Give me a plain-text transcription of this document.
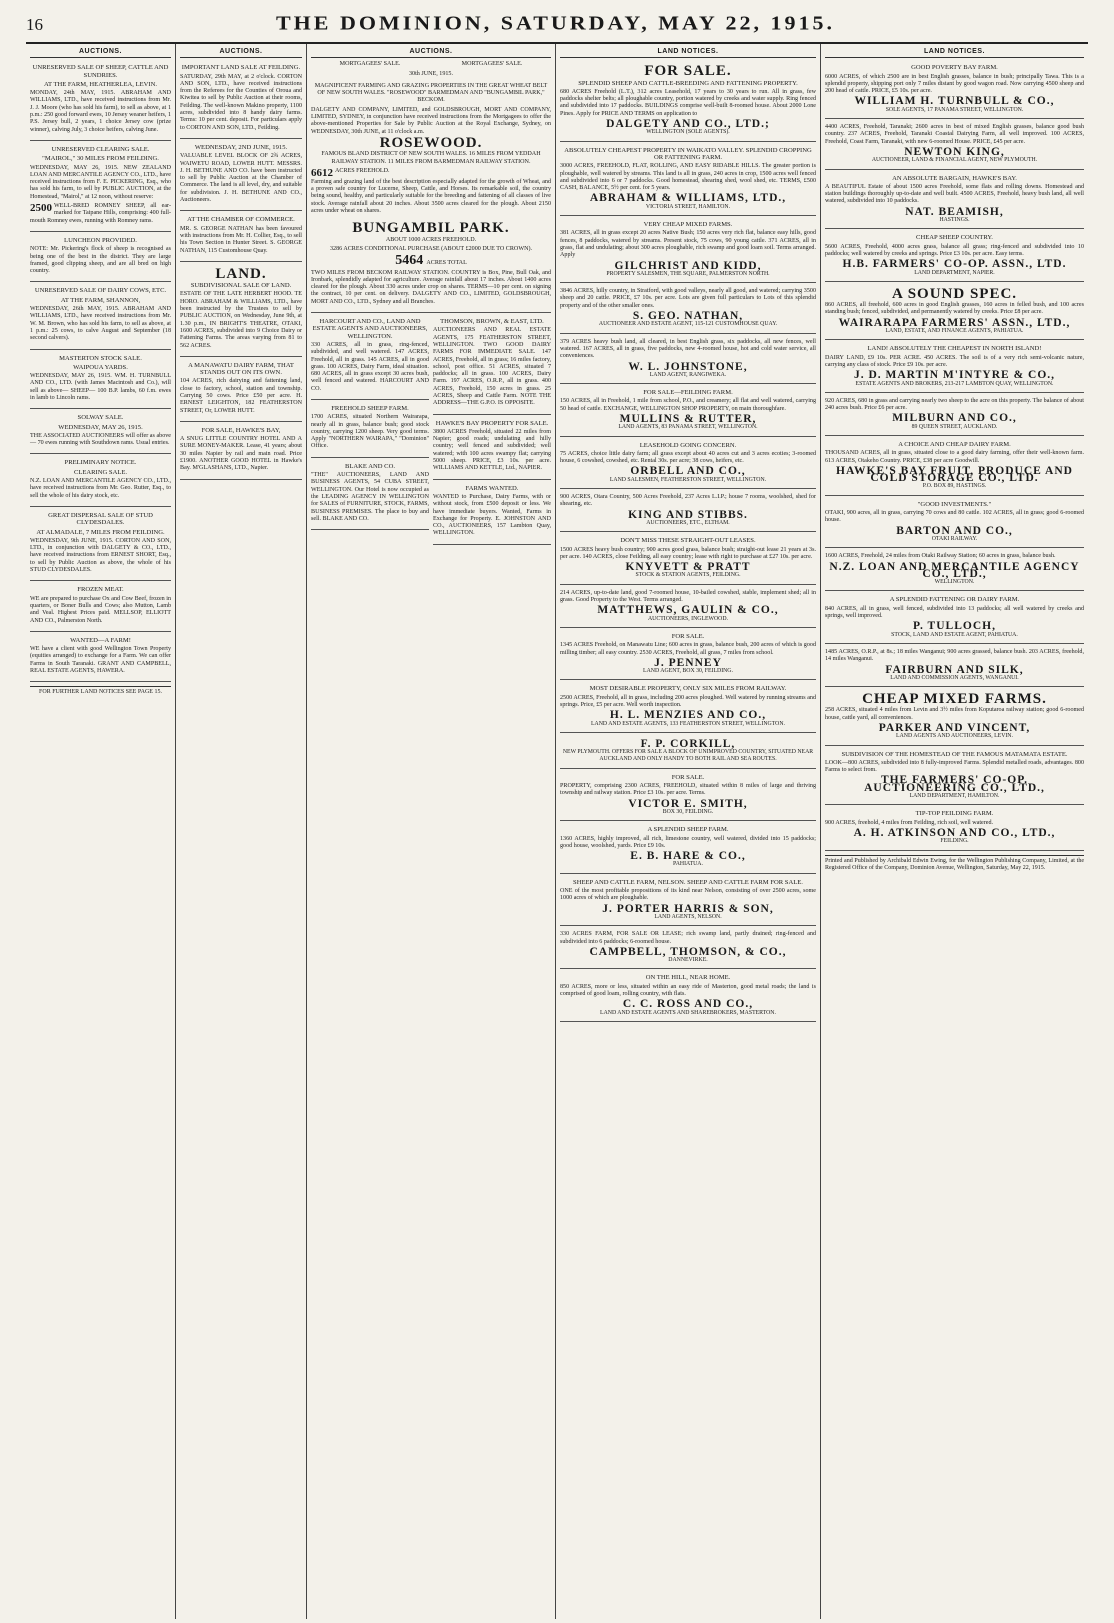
16	THE DOMINION, SATURDAY, MAY 22, 1915.
AUCTIONS.
UNRESERVED SALE OF SHEEP, CATTLE AND SUNDRIES.
AT THE FARM, HEATHERLEA, LEVIN.

MONDAY, 24th MAY, 1915. ABRAHAM AND WILLIAMS, LTD., have received instructions from Mr. J. J. Moore (who has sold his farm), to sell as above, at 1 p.m.: 250 good forward ewes, 10 Jersey weaner heifers, 1 P.S. Jersey bull, 2 years, 1 choice Jersey cow (prize winner), calving July, 3 choice heifers, calving June.

UNRESERVED CLEARING SALE.
"MAIROL," 30 MILES FROM FEILDING.

WEDNESDAY, MAY 26, 1915. NEW ZEALAND LOAN AND MERCANTILE AGENCY CO., LTD., have received instructions from F. E. PICKERING, Esq., who has sold his farm, to sell by PUBLIC AUCTION, at the Homestead, "Mairol," at 12 noon, without reserve:

2500 WELL-BRED ROMNEY SHEEP, all ear-marked for Taipane Hills, comprising: 400 full-mouth Romney ewes, running with Romney rams.

LUNCHEON PROVIDED.

NOTE: Mr. Pickering's flock of sheep is recognised as being one of the best in the district. They are large framed, good clipping sheep, and are all bred on high country.

UNRESERVED SALE OF DAIRY COWS, ETC.
AT THE FARM, SHANNON,

WEDNESDAY, 26th MAY, 1915. ABRAHAM AND WILLIAMS, LTD., have received instructions from Mr. W. M. Brown, who has sold his farm, to sell as above, at 1 p.m.: 25 cows, to calve August and September (18 second calvers).

MASTERTON STOCK SALE.
WAIPOUA YARDS.

WEDNESDAY, MAY 26, 1915. WM. H. TURNBULL AND CO., LTD. (with James Macintosh and Co.), will sell as above— SHEEP— 100 B.P. lambs, 60 f.m. ewes in lamb to Lincoln rams.

SOLWAY SALE.
WEDNESDAY, MAY 26, 1915.

THE ASSOCIATED AUCTIONEERS will offer as above— 70 ewes running with Southdown rams. Usual entries.

PRELIMINARY NOTICE.
CLEARING SALE.

N.Z. LOAN AND MERCANTILE AGENCY CO., LTD., have received instructions from Mr. Geo. Rutter, Esq., to sell the whole of his dairy stock, etc.

GREAT DISPERSAL SALE OF STUD CLYDESDALES.
AT ALMADALE, 7 MILES FROM FEILDING.

WEDNESDAY, 9th JUNE, 1915. CORTON AND SON, LTD., in conjunction with DALGETY & CO., LTD., have received instructions from ERNEST SHORT, Esq., to sell by Public Auction as above, the whole of his STUD CLYDESDALES.

FROZEN MEAT.

WE are prepared to purchase Ox and Cow Beef, frozen in quarters, or Boner Bulls and Cows; also Mutton, Lamb and Veal. Highest Prices paid. MELLSOP, ELLIOTT AND CO., Palmerston North.

WANTED—A FARM!

WE have a client with good Wellington Town Property (equities arranged) to exchange for a Farm. We can offer Farms in South Taranaki. GRANT AND CAMPBELL, REAL ESTATE AGENTS, HAWERA.

FOR FURTHER LAND NOTICES SEE PAGE 15.
AUCTIONS.
IMPORTANT LAND SALE AT FEILDING.

SATURDAY, 29th MAY, at 2 o'clock. CORTON AND SON, LTD., have received instructions from the Referees for the Counties of Oroua and Kiwitea to sell by Public Auction at their rooms, Feilding. The well-known Makino property, 1100 acres, subdivided into 8 handy dairy farms. Terms: 10 per cent. deposit. For particulars apply to CORTON AND SON, LTD., Feilding.

WEDNESDAY, 2ND JUNE, 1915.

VALUABLE LEVEL BLOCK OF 2¾ ACRES, WAIWETU ROAD, LOWER HUTT. MESSRS. J. H. BETHUNE AND CO. have been instructed to sell by Public Auction at the Chamber of Commerce. The land is all level, dry, and suitable for subdivision. J. H. BETHUNE AND CO., Auctioneers.

AT THE CHAMBER OF COMMERCE.

MR. S. GEORGE NATHAN has been favoured with instructions from Mr. H. Collier, Esq., to sell his Town Section in Hunter Street. S. GEORGE NATHAN, 115 Customhouse Quay.

LAND.
SUBDIVISIONAL SALE OF LAND.

ESTATE OF THE LATE HERBERT HOOD. TE HORO. ABRAHAM & WILLIAMS, LTD., have been instructed by the Trustees to sell by PUBLIC AUCTION, on Wednesday, June 9th, at 1.30 p.m., IN BRIGHT'S THEATRE, OTAKI, 1600 ACRES, subdivided into 9 Choice Dairy or Fattening Farms. The areas varying from 81 to 562 ACRES.

A MANAWATU DAIRY FARM, THAT STANDS OUT ON ITS OWN.

104 ACRES, rich dairying and fattening land, close to factory, school, station and township. Carrying 50 cows. Price £50 per acre. H. ERNEST LEIGHTON, 182 FEATHERSTON STREET, Or, LOWER HUTT.

FOR SALE, HAWKE'S BAY,

A SNUG LITTLE COUNTRY HOTEL AND A SURE MONEY-MAKER. Lease, 41 years; about 30 miles Napier by rail and main road. Price £1900. ANOTHER GOOD HOTEL in Hawke's Bay. M'GLASHANS, LTD., Napier.

AUCTIONS.
MORTGAGEES' SALE.	MORTGAGEES' SALE.
30th JUNE, 1915.

MAGNIFICENT FARMING AND GRAZING PROPERTIES IN THE GREAT WHEAT BELT OF NEW SOUTH WALES. "ROSEWOOD" BARMEDMAN AND "BUNGAMBIL PARK," BECKOM.

DALGETY AND COMPANY, LIMITED, and GOLDSBROUGH, MORT AND COMPANY, LIMITED, SYDNEY, in conjunction have received instructions from the Mortgagees to offer the above-mentioned Properties for Sale by Public Auction at the Royal Exchange, Sydney, on WEDNESDAY, 30th JUNE, at 11 o'clock a.m.

ROSEWOOD.

FAMOUS BLAND DISTRICT OF NEW SOUTH WALES. 16 MILES FROM YEDDAH RAILWAY STATION. 11 MILES FROM BARMEDMAN RAILWAY STATION.

6612 ACRES FREEHOLD.

Farming and grazing land of the best description especially adapted for the growth of Wheat, and a proven safe country for Lucerne, Sheep, Cattle, and Horses. Its remarkable soil, the country being sound, healthy, and particularly suitable for the breeding and fattening of all classes of live stock. Average rainfall about 20 inches. About 3500 acres cleared for the plough. About 2150 acres under wheat on shares.

BUNGAMBIL PARK.

ABOUT 1000 ACRES FREEHOLD.

3286 ACRES CONDITIONAL PURCHASE (ABOUT £2000 DUE TO CROWN).

5464 ACRES TOTAL

TWO MILES FROM BECKOM RAILWAY STATION. COUNTRY is Box, Pine, Bull Oak, and Ironbark, splendidly adapted for agriculture. Average rainfall about 17 inches. About 1400 acres cleared for the plough. About 330 acres under crop on shares. TERMS—10 per cent. on signing the contract, 10 per cent. on delivery. DALGETY AND CO., LIMITED, GOLDSBROUGH, MORT AND CO., LTD., Sydney and all Branches.

HARCOURT AND CO., LAND AND ESTATE AGENTS AND AUCTIONEERS, WELLINGTON.

330 ACRES, all in grass, ring-fenced, subdivided, and well watered. 147 ACRES, Freehold, all in grass. 145 ACRES, all in good grass. 100 ACRES, Dairy Farm, ideal situation. 680 ACRES, all in grass except 30 acres bush, well fenced and watered. HARCOURT AND CO.

FREEHOLD SHEEP FARM.

1700 ACRES, situated Northern Wairarapa, nearly all in grass, balance bush; good stock country, carrying 1200 sheep. Very good terms. Apply "NORTHERN WAIRAPA," "Dominion" Office.

BLAKE AND CO.

"THE" AUCTIONEERS, LAND AND BUSINESS AGENTS, 54 CUBA STREET, WELLINGTON. Our Hotel is now occupied as the LEADING AGENCY IN WELLINGTON for SALES of FURNITURE, STOCK, FARMS, BUSINESS PREMISES. The place to buy and sell. BLAKE AND CO.

THOMSON, BROWN, & EAST, LTD.

AUCTIONEERS AND REAL ESTATE AGENTS, 175 FEATHERSTON STREET, WELLINGTON. TWO GOOD DAIRY FARMS FOR IMMEDIATE SALE. 147 ACRES, Freehold, all in grass; 16 miles factory, school, post office. 51 ACRES, situated 7 paddocks; all in grass. 100 ACRES, Dairy Farm. 197 ACRES, O.R.P., all in grass. 400 ACRES, Freehold, 150 acres in grass. 25 ACRES, Sheep and Cattle Farm. NOTE THE ADDRESS—THE G.P.O. IS OPPOSITE.

HAWKE'S BAY PROPERTY FOR SALE.

3800 ACRES Freehold, situated 22 miles from Napier; good roads; undulating and hilly country; well fenced and subdivided; well watered; with 100 acres swampy flat; carrying 5000 sheep. PRICE, £3 10s. per acre. WILLIAMS AND KETTLE, Ltd., NAPIER.

FARMS WANTED.

WANTED to Purchase, Dairy Farms, with or without stock, from £500 deposit or less. We have immediate buyers. Wanted, Farms in Exchange for Property. E. JOHNSTON AND CO., AUCTIONEERS, 157 Lambton Quay, WELLINGTON.

LAND NOTICES.
FOR SALE.
SPLENDID SHEEP AND CATTLE-BREEDING AND FATTENING PROPERTY.

680 ACRES Freehold (L.T.), 312 acres Leasehold, 17 years to 30 years to run. All in grass, few paddocks shelter belts; all ploughable country, portion watered by creeks and water supply. Ring fenced and subdivided into 17 paddocks. BUILDINGS comprise well-built 8-roomed house. About 2000 Lone Pines. Apply for PRICE AND TERMS on application to

DALGETY AND CO., LTD.;
WELLINGTON (SOLE AGENTS).
ABSOLUTELY CHEAPEST PROPERTY IN WAIKATO VALLEY. SPLENDID CROPPING OR FATTENING FARM.

3000 ACRES, FREEHOLD, FLAT, ROLLING, AND EASY RIDABLE HILLS. The greater portion is ploughable, well watered by streams. This land is all in grass, 240 acres in crop, 1500 acres well fenced and subdivided into 6 or 7 paddocks. Good homestead, shearing shed, wool shed, etc. TERMS, £500 CASH, BALANCE, 5½ per cent. for 5 years.

ABRAHAM & WILLIAMS, LTD.,
VICTORIA STREET, HAMILTON.
VERY CHEAP MIXED FARMS.

381 ACRES, all in grass except 20 acres Native Bush; 150 acres very rich flat, balance easy hills, good fences, 8 paddocks, watered by streams. Present stock, 75 cows, 90 young cattle. 371 ACRES, all in grass, flat and undulating; about 300 acres ploughable, rich swamp and good loam soil. Terms arranged. Apply

GILCHRIST AND KIDD,
PROPERTY SALESMEN, THE SQUARE, PALMERSTON NORTH.

3846 ACRES, hilly country, in Stratford, with good valleys, nearly all good, and watered; carrying 3500 sheep and 20 cattle. PRICE, £7 10s. per acre. Lots are given full particulars to Lots of this splendid property and of the other smaller ones.

S. GEO. NATHAN,
AUCTIONEER AND ESTATE AGENT, 115-121 CUSTOMHOUSE QUAY.

379 ACRES heavy bush land, all cleared, in best English grass, six paddocks, all new fences, well watered. 167 ACRES, all in grass, five paddocks, new 4-roomed house, hot and cold water service, all conveniences.

W. L. JOHNSTONE,
LAND AGENT, RANGIWEKA.
FOR SALE—FEILDING FARM.

150 ACRES, all in Freehold, 1 mile from school, P.O., and creamery; all flat and well watered, carrying 50 head of cattle. EXCHANGE, WELLINGTON SHOP PROPERTY, on main thoroughfare.

MULLINS & RUTTER,
LAND AGENTS, 83 PANAMA STREET, WELLINGTON.
LEASEHOLD GOING CONCERN.

75 ACRES, choice little dairy farm; all grass except about 40 acres cut and 3 acres ecoties; 3-roomed house, 6 cowshed, cowshed, etc. Rental 30s. per acre; 38 cows, heifers, etc.

ORBELL AND CO.,
LAND SALESMEN, FEATHERSTON STREET, WELLINGTON.

900 ACRES, Otara Country, 500 Acres Freehold, 237 Acres L.I.P.; house 7 rooms, woolshed, shed for shearing, etc.

KING AND STIBBS.
AUCTIONEERS, ETC., ELTHAM.
DON'T MISS THESE STRAIGHT-OUT LEASES.

1500 ACRES heavy bush country; 900 acres good grass, balance bush; straight-out lease 21 years at 3s. per acre. 140 ACRES, close Feilding, all easy country; lease with right to purchase at £27 10s. per acre.

KNYVETT & PRATT
STOCK & STATION AGENTS, FEILDING.

214 ACRES, up-to-date land, good 7-roomed house, 10-bailed cowshed, stable, implement shed; all in grass. Good Property to the West. Terms arranged.

MATTHEWS, GAULIN & CO.,
AUCTIONEERS, INGLEWOOD.
FOR SALE.

1345 ACRES Freehold, on Manawatu Line; 600 acres in grass, balance bush, 200 acres of which is good milling timber; all easy country. 2530 ACRES, Freehold, all grass, 7 miles from school.

J. PENNEY
LAND AGENT, BOX 30, FEILDING.
MOST DESIRABLE PROPERTY, ONLY SIX MILES FROM RAILWAY.

2500 ACRES, Freehold, all in grass, including 200 acres ploughed. Well watered by running streams and springs. Price, £5 per acre. Well worth inspection.

H. L. MENZIES AND CO.,
LAND AND ESTATE AGENTS, 133 FEATHERSTON STREET, WELLINGTON.
F. P. CORKILL,
NEW PLYMOUTH. OFFERS FOR SALE A BLOCK OF UNIMPROVED COUNTRY, SITUATED NEAR AUCKLAND AND ONLY HANDY TO BOTH RAIL AND SEA ROUTES.
FOR SALE.

PROPERTY, comprising 2300 ACRES, FREEHOLD, situated within 8 miles of large and thriving township and railway station. Price £3 10s. per acre. Terms.

VICTOR E. SMITH,
BOX 30, FEILDING.
A SPLENDID SHEEP FARM.

1360 ACRES, highly improved, all rich, limestone country, well watered, divided into 15 paddocks; good house, woolshed, yards. Price £9 10s.

E. B. HARE & CO.,
PAHIATUA.
SHEEP AND CATTLE FARM, NELSON. SHEEP AND CATTLE FARM FOR SALE.

ONE of the most profitable propositions of its kind near Nelson, consisting of over 2500 acres, some 1000 acres of which are ploughable.

J. PORTER HARRIS & SON,
LAND AGENTS, NELSON.

330 ACRES FARM, FOR SALE OR LEASE; rich swamp land, partly drained; ring-fenced and subdivided into 6 paddocks; 6-roomed house.

CAMPBELL, THOMSON, & CO.,
DANNEVIRKE.
ON THE HILL, NEAR HOME.

850 ACRES, more or less, situated within an easy ride of Masterton, good metal roads; the land is comprised of good loam, rolling country, with flats.

C. C. ROSS AND CO.,
LAND AND ESTATE AGENTS AND SHAREBROKERS, MASTERTON.
LAND NOTICES.
GOOD POVERTY BAY FARM.

6000 ACRES, of which 2500 are in best English grasses, balance in bush; principally Tawa. This is a splendid property, shipping port only 7 miles distant by good wagon road. Now carrying 4500 sheep and 200 head of cattle. PRICE, £5 10s. per acre.

WILLIAM H. TURNBULL & CO.,
SOLE AGENTS, 17 PANAMA STREET, WELLINGTON.

4400 ACRES, Freehold, Taranaki; 2600 acres in best of mixed English grasses, balance good bush country. 237 ACRES, Freehold, Taranaki Coastal Dairying Farm, all well improved. 100 ACRES, Freehold, Coast Farm, Taranaki, with new 6-roomed House. PRICE, £45 per acre.

NEWTON KING,
AUCTIONEER, LAND & FINANCIAL AGENT, NEW PLYMOUTH.
AN ABSOLUTE BARGAIN, HAWKE'S BAY.

A BEAUTIFUL Estate of about 1500 acres Freehold, some flats and rolling downs. Homestead and station buildings thoroughly up-to-date and well built. 4500 ACRES, Freehold, heavy bush land, all well watered, subdivided into 10 paddocks.

NAT. BEAMISH,
HASTINGS.
CHEAP SHEEP COUNTRY.

5600 ACRES, Freehold, 4000 acres grass, balance all grass; ring-fenced and subdivided into 10 paddocks; well watered by creeks and springs. Price £3 10s. per acre. Easy terms.

H.B. FARMERS' CO-OP. ASSN., LTD.
LAND DEPARTMENT, NAPIER.
A SOUND SPEC.

860 ACRES, all freehold, 600 acres in good English grasses, 160 acres in felled bush, and 100 acres standing bush; fenced, subdivided, and permanently watered by creeks. Price £8 per acre.

WAIRARAPA FARMERS' ASSN., LTD.,
LAND, ESTATE, AND FINANCE AGENTS, PAHIATUA.
LAND! ABSOLUTELY THE CHEAPEST IN NORTH ISLAND!

DAIRY LAND, £9 10s. PER ACRE. 450 ACRES. The soil is of a very rich semi-volcanic nature, carrying any class of stock. Price £9 10s. per acre.

J. D. MARTIN M'INTYRE & CO.,
ESTATE AGENTS AND BROKERS, 213-217 LAMBTON QUAY, WELLINGTON.

920 ACRES, 680 in grass and carrying nearly two sheep to the acre on this property. The balance of about 240 acres bush. Price £6 per acre.

MILBURN AND CO.,
89 QUEEN STREET, AUCKLAND.
A CHOICE AND CHEAP DAIRY FARM.

THOUSAND ACRES, all in grass, situated close to a good dairy farming, offer their well-known farm. 613 ACRES, Otakeho Country. PRICE, £38 per acre Goodwill.

HAWKE'S BAY FRUIT, PRODUCE AND COLD STORAGE CO., LTD.
P.O. BOX 89, HASTINGS.
"GOOD INVESTMENTS."

OTAKI, 900 acres, all in grass, carrying 70 cows and 80 cattle. 102 ACRES, all in grass; good 6-roomed house.

BARTON AND CO.,
OTAKI RAILWAY.

1600 ACRES, Freehold, 24 miles from Otaki Railway Station; 60 acres in grass, balance bush.

N.Z. LOAN AND MERCANTILE AGENCY CO., LTD.,
WELLINGTON.
A SPLENDID FATTENING OR DAIRY FARM.

840 ACRES, all in grass, well fenced, subdivided into 13 paddocks; all well watered by creeks and springs, well improved.

P. TULLOCH,
STOCK, LAND AND ESTATE AGENT, PAHIATUA.

1485 ACRES, O.R.P., at 8s.; 18 miles Wanganui; 900 acres grassed, balance bush. 203 ACRES, freehold, 14 miles Wanganui.

FAIRBURN AND SILK,
LAND AND COMMISSION AGENTS, WANGANUI.
CHEAP MIXED FARMS.

258 ACRES, situated 4 miles from Levin and 3½ miles from Koputaroa railway station; good 6-roomed house, cattle yard, all conveniences.

PARKER AND VINCENT,
LAND AGENTS AND AUCTIONEERS, LEVIN.
SUBDIVISION OF THE HOMESTEAD OF THE FAMOUS MATAMATA ESTATE.

LOOK—800 ACRES, subdivided into 8 fully-improved Farms. Splendid metalled roads, advantages. 800 Farms to select from.

THE FARMERS' CO-OP. AUCTIONEERING CO., LTD.,
LAND DEPARTMENT, HAMILTON.
TIP-TOP FEILDING FARM.

900 ACRES, freehold, 4 miles from Feilding, rich soil, well watered.

A. H. ATKINSON AND CO., LTD.,
FEILDING.
Printed and Published by Archibald Edwin Ewing, for the Wellington Publishing Company, Limited, at the Registered Office of the Company, Dominion Avenue, Wellington, Saturday, May 22, 1915.
